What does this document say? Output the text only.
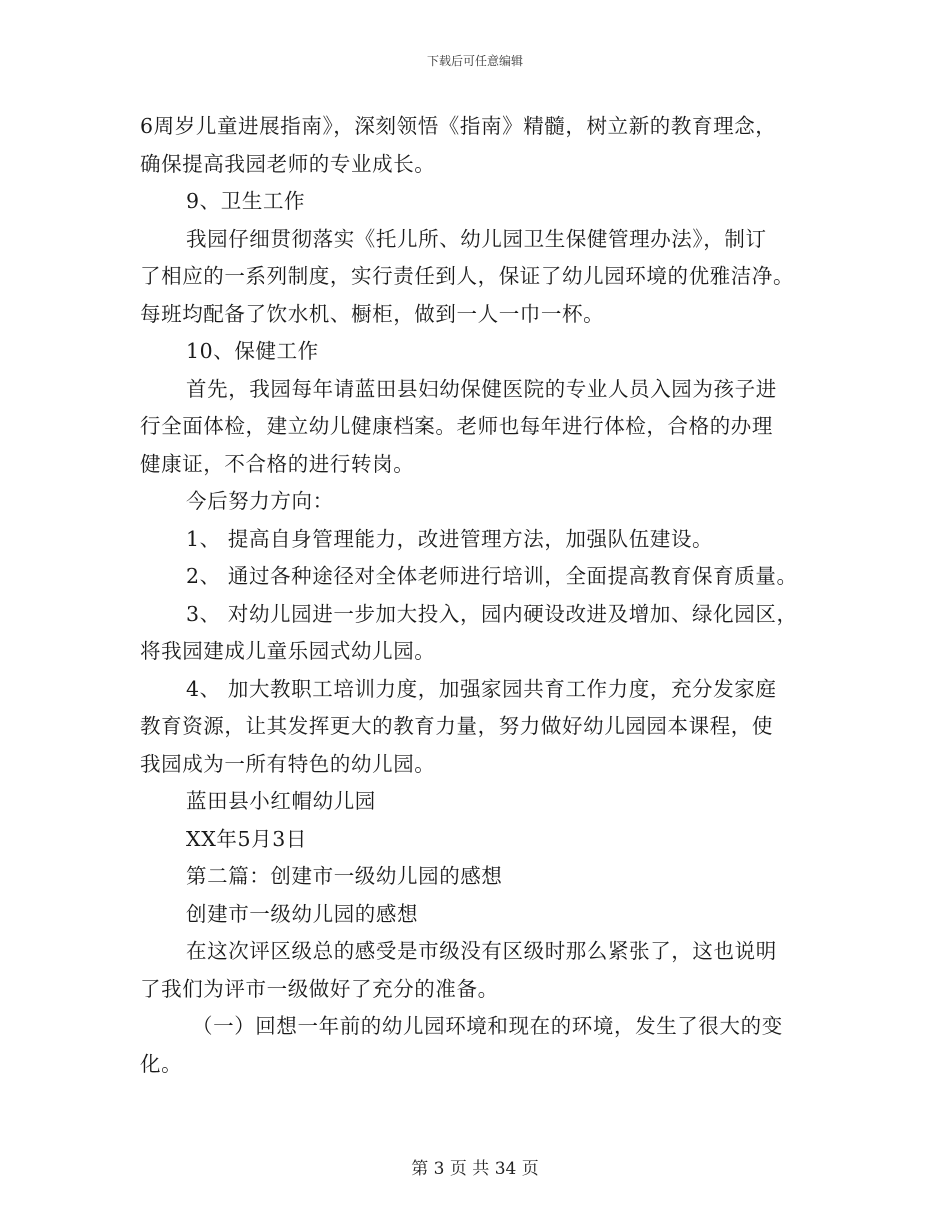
下载后可任意编辑
6周岁儿童进展指南》，深刻领悟《指南》精髓，树立新的教育理念，
确保提高我园老师的专业成长。
9、卫生工作
我园仔细贯彻落实《托儿所、幼儿园卫生保健管理办法》，制订
了相应的一系列制度，实行责任到人，保证了幼儿园环境的优雅洁净。
每班均配备了饮水机、橱柜，做到一人一巾一杯。
10、保健工作
首先，我园每年请蓝田县妇幼保健医院的专业人员入园为孩子进
行全面体检，建立幼儿健康档案。老师也每年进行体检，合格的办理
健康证，不合格的进行转岗。
今后努力方向：
1、 提高自身管理能力，改进管理方法，加强队伍建设。
2、 通过各种途径对全体老师进行培训，全面提高教育保育质量。
3、 对幼儿园进一步加大投入，园内硬设改进及增加、绿化园区，
将我园建成儿童乐园式幼儿园。
4、 加大教职工培训力度，加强家园共育工作力度，充分发家庭
教育资源，让其发挥更大的教育力量，努力做好幼儿园园本课程，使
我园成为一所有特色的幼儿园。
蓝田县小红帽幼儿园
XX年5月3日
第二篇：创建市一级幼儿园的感想
创建市一级幼儿园的感想
在这次评区级总的感受是市级没有区级时那么紧张了，这也说明
了我们为评市一级做好了充分的准备。
（一）回想一年前的幼儿园环境和现在的环境，发生了很大的变
化。
第 3 页 共 34 页
